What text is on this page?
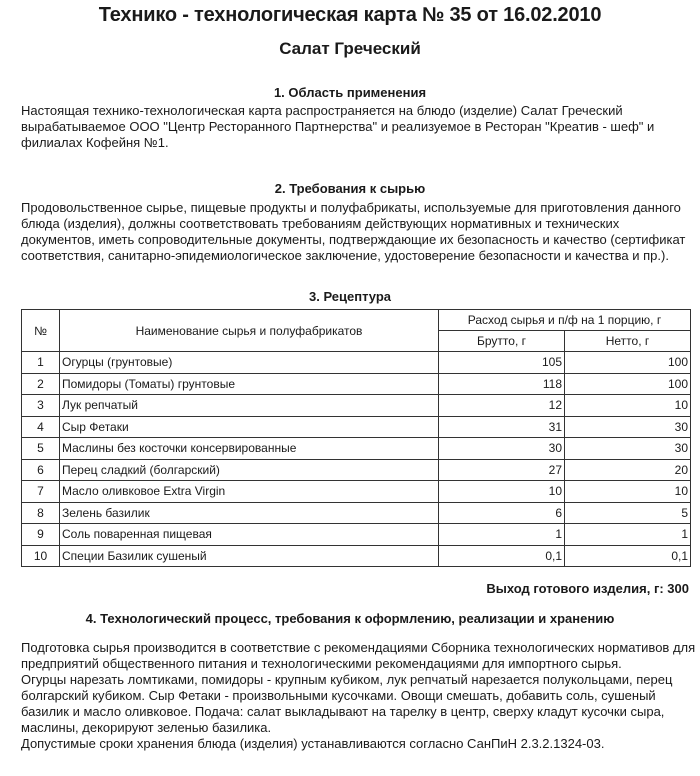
Технико - технологическая карта № 35 от 16.02.2010
Салат Греческий
1. Область применения
Настоящая технико-технологическая карта распространяется на блюдо (изделие) Салат Греческий вырабатываемое ООО "Центр Ресторанного Партнерства" и реализуемое в Ресторан "Креатив - шеф" и филиалах Кофейня №1.
2. Требования к сырью
Продовольственное сырье, пищевые продукты и полуфабрикаты, используемые для приготовления данного блюда (изделия), должны соответствовать требованиям действующих нормативных и технических документов, иметь сопроводительные документы, подтверждающие их безопасность и качество (сертификат соответствия, санитарно-эпидемиологическое заключение, удостоверение безопасности и качества и пр.).
3. Рецептура
№	Наименование сырья и полуфабрикатов	Расход сырья и п/ф на 1 порцию, г	
		Брутто, г	Нетто, г
1	Огурцы (грунтовые)	105	100
2	Помидоры (Томаты) грунтовые	118	100
3	Лук репчатый	12	10
4	Сыр Фетаки	31	30
5	Маслины без косточки консервированные	30	30
6	Перец сладкий (болгарский)	27	20
7	Масло оливковое Extra Virgin	10	10
8	Зелень базилик	6	5
9	Соль поваренная пищевая	1	1
10	Специи Базилик сушеный	0,1	0,1
Выход готового изделия, г: 300
4. Технологический процесс, требования к оформлению, реализации и хранению
Подготовка сырья производится в соответствие с рекомендациями Сборника технологических нормативов для предприятий общественного питания и технологическими рекомендациями для импортного сырья.
Огурцы нарезать ломтиками, помидоры - крупным кубиком, лук репчатый нарезается полукольцами, перец болгарский кубиком. Сыр Фетаки - произвольными кусочками. Овощи смешать, добавить соль, сушеный базилик и масло оливковое. Подача: салат выкладывают на тарелку в центр, сверху кладут кусочки сыра, маслины, декорируют зеленью базилика.
Допустимые сроки хранения блюда (изделия) устанавливаются согласно СанПиН 2.3.2.1324-03.
